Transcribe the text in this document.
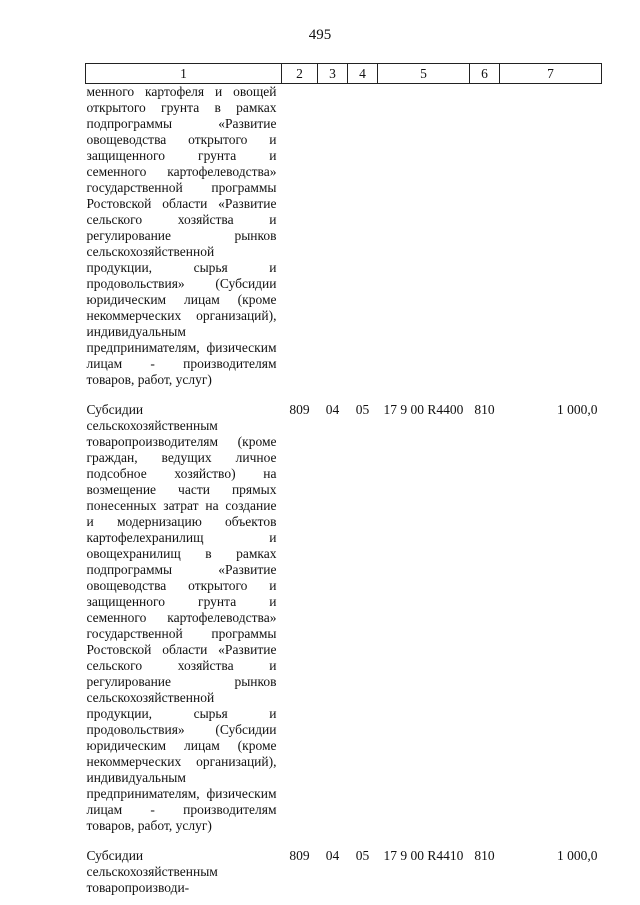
495
1	2	3	4	5	6	7
менного картофеля и овощей открытого грунта в рамках подпрограммы «Развитие овощеводства открытого и защищенного грунта и семенного картофелеводства» государственной программы Ростовской области «Развитие сельского хозяйства и регулирование рынков сельскохозяйственной продукции, сырья и продовольствия» (Субсидии юридическим лицам (кроме некоммерческих организаций), индивидуальным предпринимателям, физическим лицам - производителям товаров, работ, услуг)						

Субсидии сельскохозяйственным товаропроизводителям (кроме граждан, ведущих личное подсобное хозяйство) на возмещение части прямых понесенных затрат на создание и модернизацию объектов картофелехранилищ и овощехранилищ в рамках подпрограммы «Развитие овощеводства открытого и защищенного грунта и семенного картофелеводства» государственной программы Ростовской области «Развитие сельского хозяйства и регулирование рынков сельскохозяйственной продукции, сырья и продовольствия» (Субсидии юридическим лицам (кроме некоммерческих организаций), индивидуальным предпринимателям, физическим лицам - производителям товаров, работ, услуг)	809	04	05	17 9 00 R4400	810	1 000,0

Субсидии сельскохозяйственным товаропроизводи-	809	04	05	17 9 00 R4410	810	1 000,0
